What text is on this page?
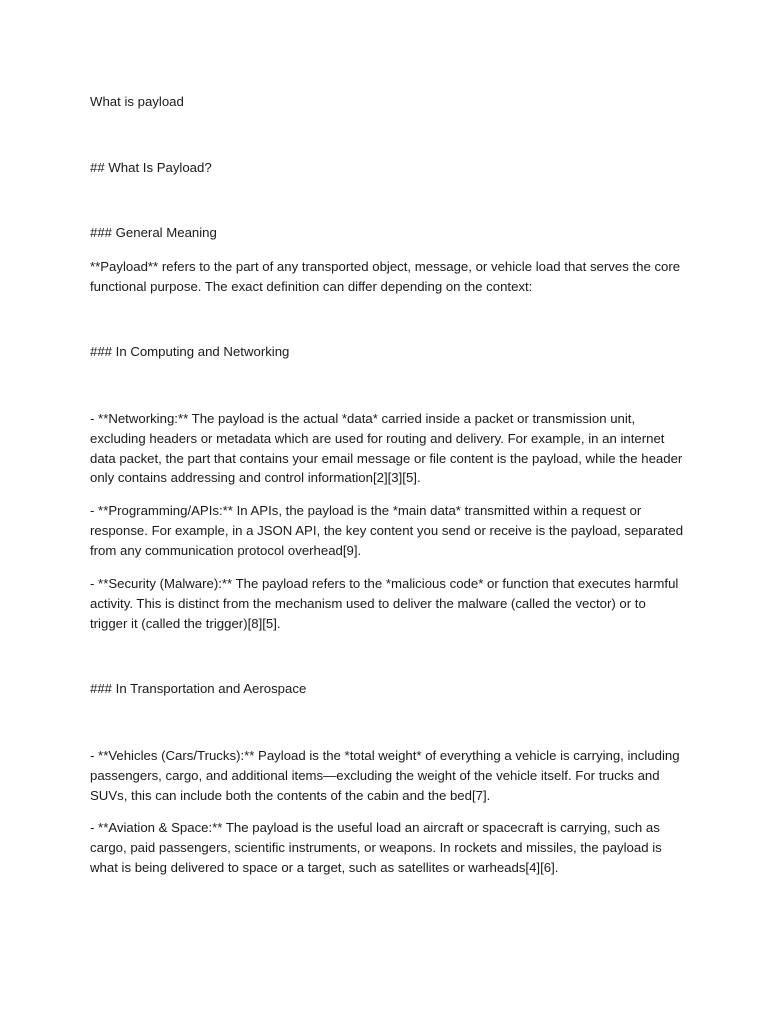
What is payload

## What Is Payload?

### General Meaning

**Payload** refers to the part of any transported object, message, or vehicle load that serves the core functional purpose. The exact definition can differ depending on the context:

### In Computing and Networking

- **Networking:** The payload is the actual *data* carried inside a packet or transmission unit, excluding headers or metadata which are used for routing and delivery. For example, in an internet data packet, the part that contains your email message or file content is the payload, while the header only contains addressing and control information[2][3][5].

- **Programming/APIs:** In APIs, the payload is the *main data* transmitted within a request or response. For example, in a JSON API, the key content you send or receive is the payload, separated from any communication protocol overhead[9].

- **Security (Malware):** The payload refers to the *malicious code* or function that executes harmful activity. This is distinct from the mechanism used to deliver the malware (called the vector) or to trigger it (called the trigger)[8][5].

### In Transportation and Aerospace

- **Vehicles (Cars/Trucks):** Payload is the *total weight* of everything a vehicle is carrying, including passengers, cargo, and additional items—excluding the weight of the vehicle itself. For trucks and SUVs, this can include both the contents of the cabin and the bed[7].

- **Aviation & Space:** The payload is the useful load an aircraft or spacecraft is carrying, such as cargo, paid passengers, scientific instruments, or weapons. In rockets and missiles, the payload is what is being delivered to space or a target, such as satellites or warheads[4][6].
